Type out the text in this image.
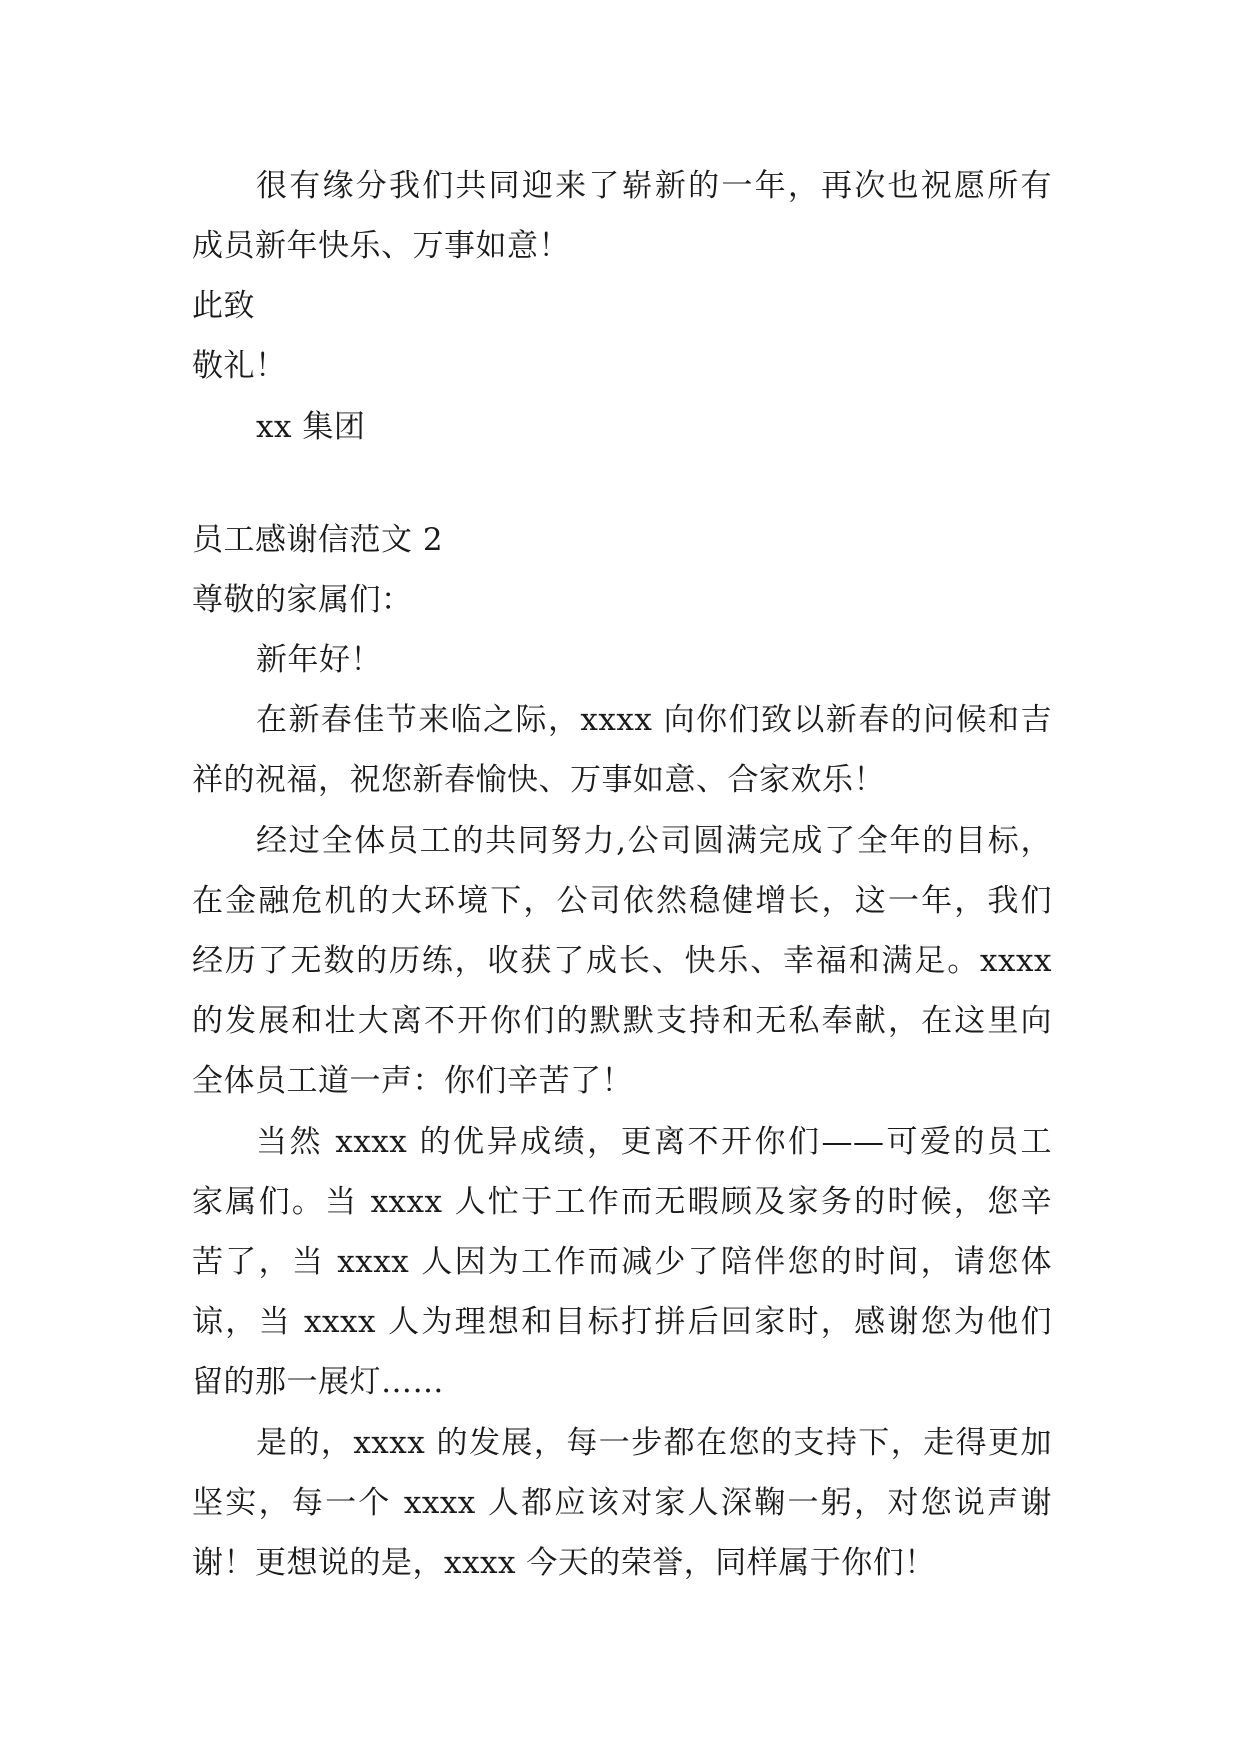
很有缘分我们共同迎来了崭新的一年，再次也祝愿所有
成员新年快乐、万事如意！
此致
敬礼！
xx 集团
员工感谢信范文 2
尊敬的家属们：
新年好！
在新春佳节来临之际，xxxx 向你们致以新春的问候和吉
祥的祝福，祝您新春愉快、万事如意、合家欢乐！
经过全体员工的共同努力,公司圆满完成了全年的目标，
在金融危机的大环境下，公司依然稳健增长，这一年，我们
经历了无数的历练，收获了成长、快乐、幸福和满足。xxxx
的发展和壮大离不开你们的默默支持和无私奉献，在这里向
全体员工道一声：你们辛苦了！
当然 xxxx 的优异成绩，更离不开你们——可爱的员工
家属们。当 xxxx 人忙于工作而无暇顾及家务的时候，您辛
苦了，当 xxxx 人因为工作而减少了陪伴您的时间，请您体
谅，当 xxxx 人为理想和目标打拼后回家时，感谢您为他们
留的那一展灯……
是的，xxxx 的发展，每一步都在您的支持下，走得更加
坚实，每一个 xxxx 人都应该对家人深鞠一躬，对您说声谢
谢！更想说的是，xxxx 今天的荣誉，同样属于你们！
